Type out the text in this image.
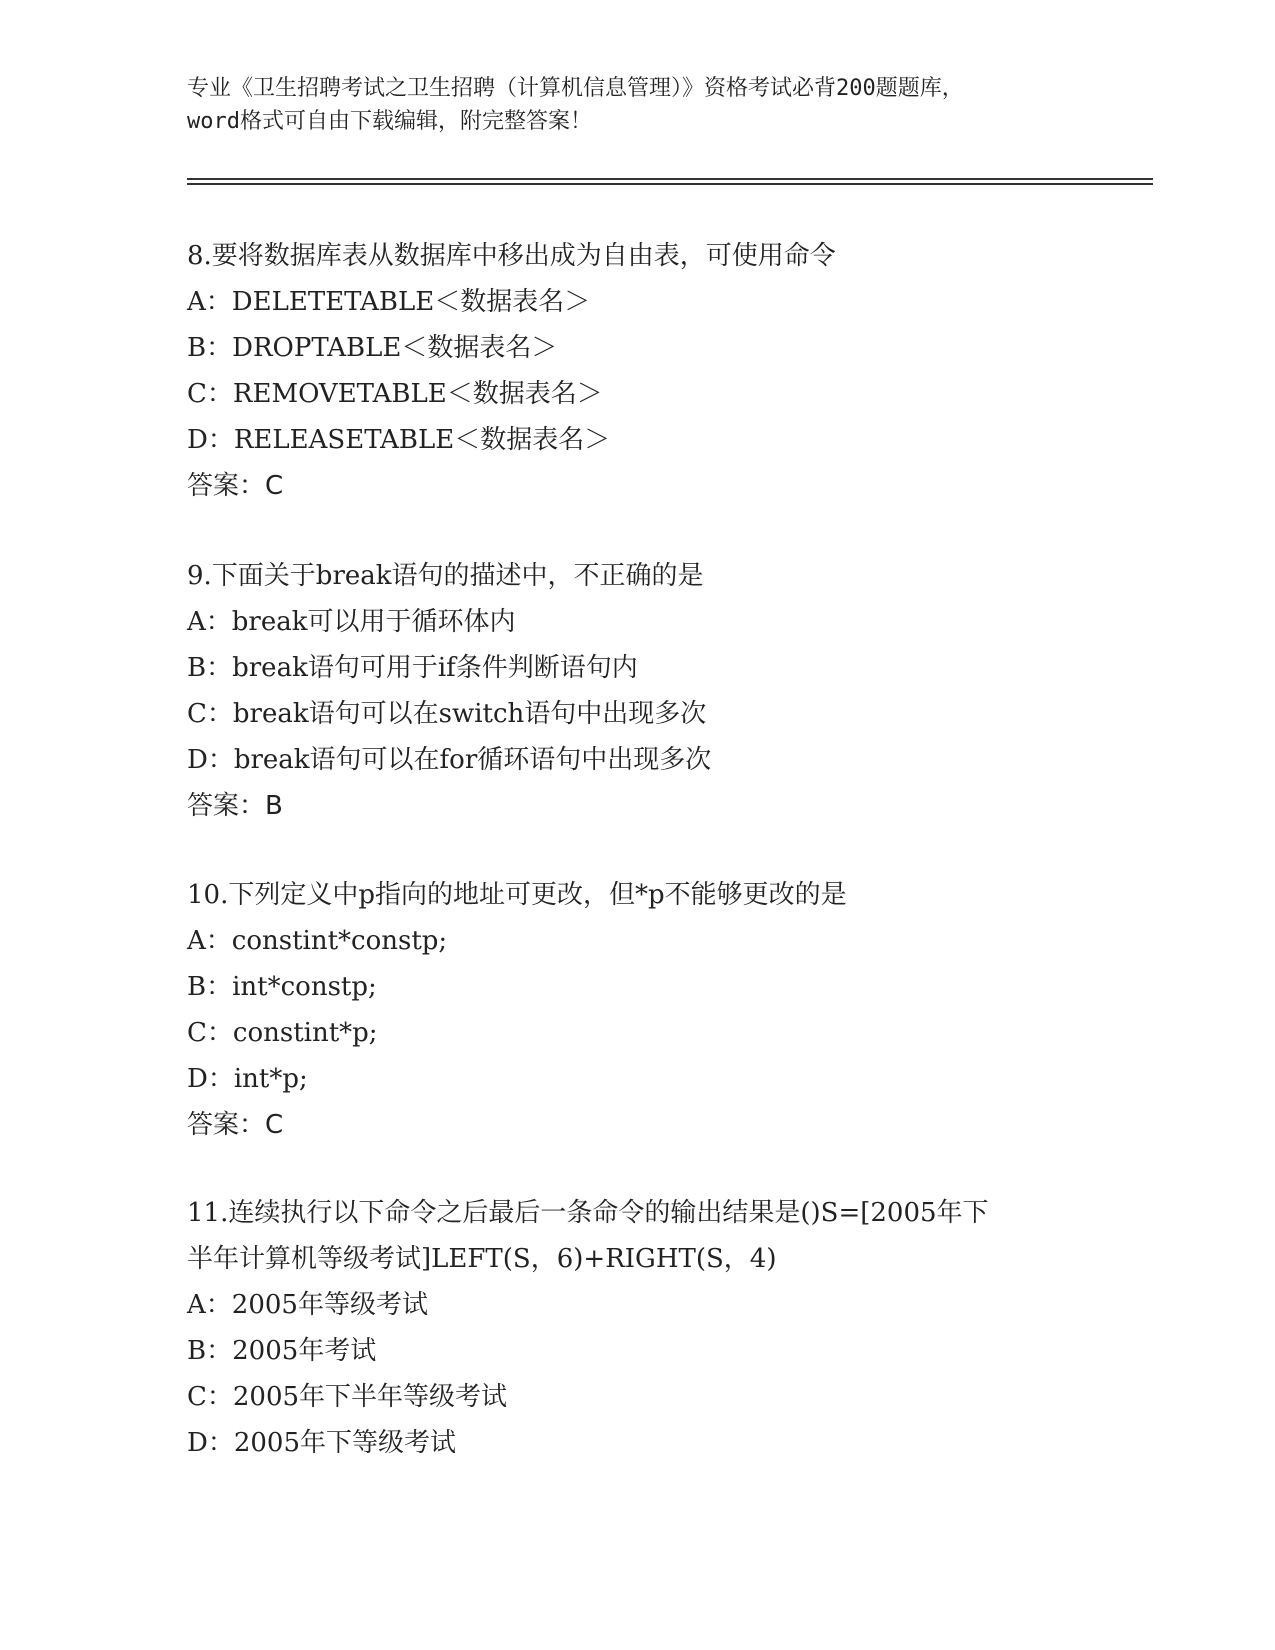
专业《卫生招聘考试之卫生招聘（计算机信息管理）》资格考试必背200题题库，
word格式可自由下载编辑，附完整答案！
8.要将数据库表从数据库中移出成为自由表，可使用命令
A：DELETETABLE＜数据表名＞
B：DROPTABLE＜数据表名＞
C：REMOVETABLE＜数据表名＞
D：RELEASETABLE＜数据表名＞
答案：C
9.下面关于break语句的描述中，不正确的是
A：break可以用于循环体内
B：break语句可用于if条件判断语句内
C：break语句可以在switch语句中出现多次
D：break语句可以在for循环语句中出现多次
答案：B
10.下列定义中p指向的地址可更改，但*p不能够更改的是
A：constint*constp;
B：int*constp;
C：constint*p;
D：int*p;
答案：C
11.连续执行以下命令之后最后一条命令的输出结果是()S=[2005年下
半年计算机等级考试]LEFT(S，6)+RIGHT(S，4)
A：2005年等级考试
B：2005年考试
C：2005年下半年等级考试
D：2005年下等级考试
